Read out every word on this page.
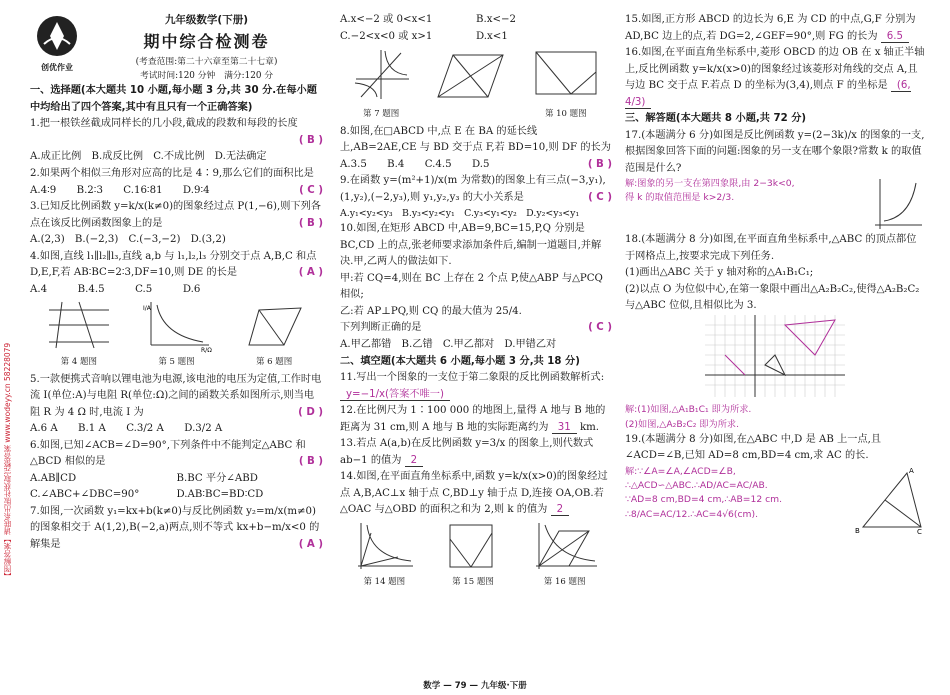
【图解答案】请联系出版社获取完整答案 www.wodeyy.cn 58228079
创优作业
九年级数学(下册)
期中综合检测卷
(考查范围:第二十六章至第二十七章)
考试时间:120 分钟　满分:120 分
一、选择题(本大题共 10 小题,每小题 3 分,共 30 分.在每小题中均给出了四个答案,其中有且只有一个正确答案)
1.把一根铁丝截成同样长的几小段,截成的段数和每段的长度
( B )

A.成正比例　B.成反比例　C.不成比例　D.无法确定
2.如果两个相似三角形对应高的比是 4∶9,那么它们的面积比是
( C )
A.4∶9　　B.2∶3　　C.16∶81　　D.9∶4
3.已知反比例函数 y=k/x(k≠0)的图象经过点 P(1,−6),则下列各点在该反比例函数图象上的是	( B )
A.(2,3)　B.(−2,3)　C.(−3,−2)　D.(3,2)
4.如图,直线 l₁∥l₂∥l₃,直线 a,b 与 l₁,l₂,l₃ 分别交于点 A,B,C 和点 D,E,F,若 AB∶BC=2∶3,DF=10,则 DE 的长是	( A )
A.4　　　B.4.5　　　C.5　　　D.6
第 4 题图
I/A
R/Ω
第 5 题图	第 6 题图
5.一款便携式音响以锂电池为电源,该电池的电压为定值,工作时电流 I(单位:A)与电阻 R(单位:Ω)之间的函数关系如图所示,则当电阻 R 为 4 Ω 时,电流 I 为	( D )
A.6 A　　B.1 A　　C.3/2 A　　D.3/2 A
6.如图,已知∠ACB=∠D=90°,下列条件中不能判定△ABC 和△BCD 相似的是	( B )
A.AB∥CD	B.BC 平分∠ABD
C.∠ABC+∠DBC=90°	D.AB∶BC=BD∶CD
7.如图,一次函数 y₁=kx+b(k≠0)与反比例函数 y₂=m/x(m≠0)的图象相交于 A(1,2),B(−2,a)两点,则不等式 kx+b−m/x<0 的解集是	( A )
A.x<−2 或 0<x<1	B.x<−2
C.−2<x<0 或 x>1	D.x<1
第 7 题图	第 10 题图
8.如图,在□ABCD 中,点 E 在 BA 的延长线上,AB=2AE,CE 与 BD 交于点 F,若 BD=10,则 DF 的长为
( B )
A.3.5　　B.4　　C.4.5　　D.5
9.在函数 y=(m²+1)/x(m 为常数)的图象上有三点(−3,y₁),(1,y₂),(−2,y₃),则 y₁,y₂,y₃ 的大小关系是	( C )
A.y₁<y₂<y₃　B.y₃<y₂<y₁　C.y₃<y₁<y₂　D.y₂<y₃<y₁
10.如图,在矩形 ABCD 中,AB=9,BC=15,P,Q 分别是 BC,CD 上的点,张老师要求添加条件后,编制一道题目,并解决.甲,乙两人的做法如下.
甲:若 CQ=4,则在 BC 上存在 2 个点 P,使△ABP 与△PCQ 相似;
乙:若 AP⊥PQ,则 CQ 的最大值为 25/4.
下列判断正确的是	( C )
A.甲乙都错　B.乙错　C.甲乙都对　D.甲错乙对
二、填空题(本大题共 6 小题,每小题 3 分,共 18 分)
11.写出一个图象的一支位于第二象限的反比例函数解析式:
y=−1/x(答案不唯一)
12.在比例尺为 1∶100 000 的地图上,量得 A 地与 B 地的距离为 31 cm,则 A 地与 B 地的实际距离约为 31 km.
13.若点 A(a,b)在反比例函数 y=3/x 的图象上,则代数式 ab−1 的值为 2
14.如图,在平面直角坐标系中,函数 y=k/x(x>0)的图象经过点 A,B,AC⊥x 轴于点 C,BD⊥y 轴于点 D,连接 OA,OB.若△OAC 与△OBD 的面积之和为 2,则 k 的值为 2
第 14 题图	第 15 题图	第 16 题图
15.如图,正方形 ABCD 的边长为 6,E 为 CD 的中点,G,F 分别为 AD,BC 边上的点,若 DG=2,∠GEF=90°,则 FG 的长为 6.5
16.如图,在平面直角坐标系中,菱形 OBCD 的边 OB 在 x 轴正半轴上,反比例函数 y=k/x(x>0)的图象经过该菱形对角线的交点 A,且与边 BC 交于点 F.若点 D 的坐标为(3,4),则点 F 的坐标是 (6, 4/3)
三、解答题(本大题共 8 小题,共 72 分)
17.(本题满分 6 分)如图是反比例函数 y=(2−3k)/x 的图象的一支,根据图象回答下面的问题:图象的另一支在哪个象限?常数 k 的取值范围是什么?
解:图象的另一支在第四象限,由 2−3k<0,
得 k 的取值范围是 k>2/3.
18.(本题满分 8 分)如图,在平面直角坐标系中,△ABC 的顶点都位于网格点上,按要求完成下列任务.
(1)画出△ABC 关于 y 轴对称的△A₁B₁C₁;
(2)以点 O 为位似中心,在第一象限中画出△A₂B₂C₂,使得△A₂B₂C₂ 与△ABC 位似,且相似比为 3.
解:(1)如图,△A₁B₁C₁ 即为所求.
(2)如图,△A₂B₂C₂ 即为所求.
19.(本题满分 8 分)如图,在△ABC 中,D 是 AB 上一点,且∠ACD=∠B,已知 AD=8 cm,BD=4 cm,求 AC 的长.
解:∵∠A=∠A,∠ACD=∠B,
∴△ACD∽△ABC.∴AD/AC=AC/AB.
∵AD=8 cm,BD=4 cm,∴AB=12 cm.
∴8/AC=AC/12.∴AC=4√6(cm).
B	C
A
数学 — 79 — 九年级·下册
